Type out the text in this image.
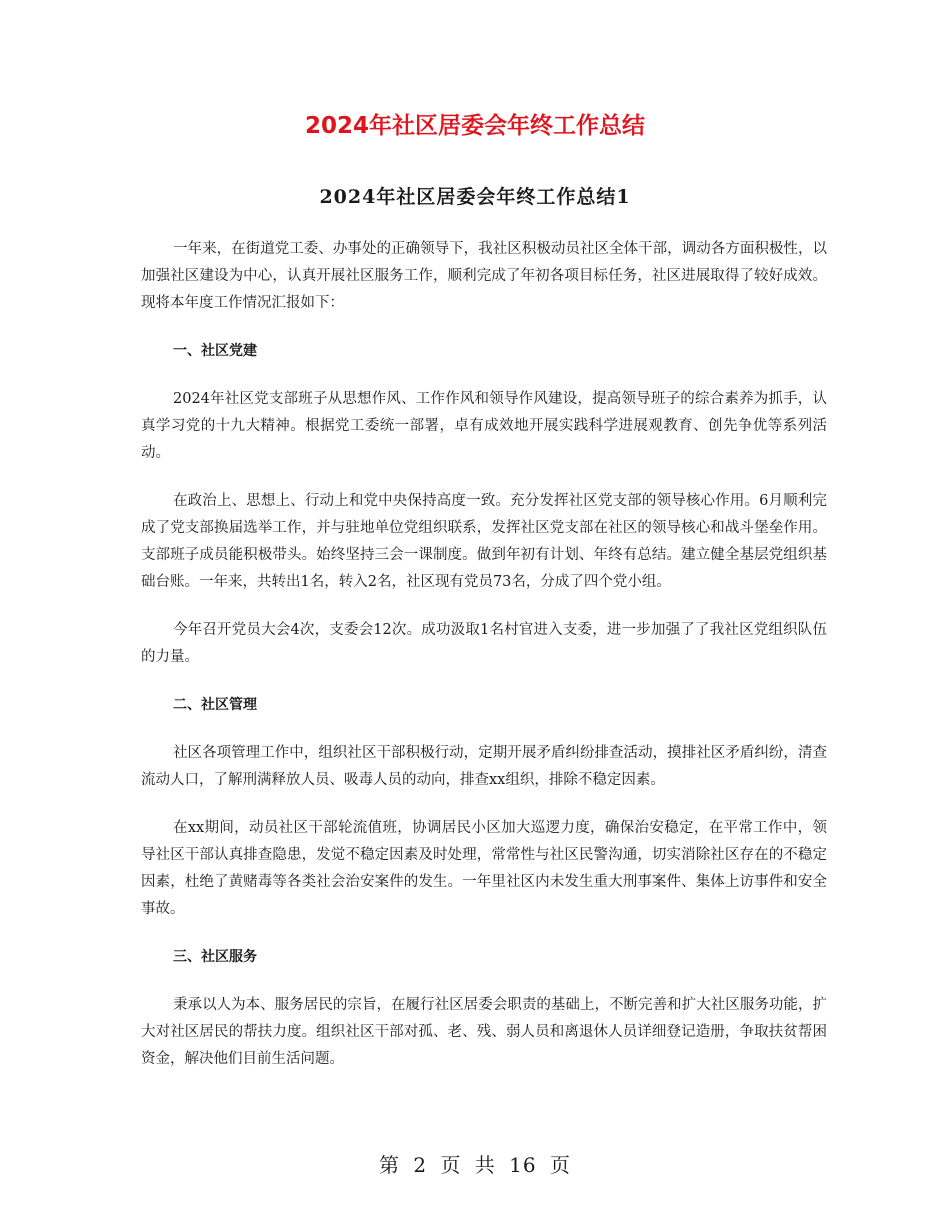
2024年社区居委会年终工作总结
2024年社区居委会年终工作总结1

一年来，在街道党工委、办事处的正确领导下，我社区积极动员社区全体干部，调动各方面积极性，以加强社区建设为中心，认真开展社区服务工作，顺利完成了年初各项目标任务，社区进展取得了较好成效。现将本年度工作情况汇报如下：

一、社区党建

2024年社区党支部班子从思想作风、工作作风和领导作风建设，提高领导班子的综合素养为抓手，认真学习党的十九大精神。根据党工委统一部署，卓有成效地开展实践科学进展观教育、创先争优等系列活动。

在政治上、思想上、行动上和党中央保持高度一致。充分发挥社区党支部的领导核心作用。6月顺利完成了党支部换届选举工作，并与驻地单位党组织联系，发挥社区党支部在社区的领导核心和战斗堡垒作用。支部班子成员能积极带头。始终坚持三会一课制度。做到年初有计划、年终有总结。建立健全基层党组织基础台账。一年来，共转出1名，转入2名，社区现有党员73名，分成了四个党小组。

今年召开党员大会4次，支委会12次。成功汲取1名村官进入支委，进一步加强了了我社区党组织队伍的力量。

二、社区管理

社区各项管理工作中，组织社区干部积极行动，定期开展矛盾纠纷排查活动，摸排社区矛盾纠纷，清查流动人口，了解刑满释放人员、吸毒人员的动向，排查xx组织，排除不稳定因素。

在xx期间，动员社区干部轮流值班，协调居民小区加大巡逻力度，确保治安稳定，在平常工作中，领导社区干部认真排查隐患，发觉不稳定因素及时处理，常常性与社区民警沟通，切实消除社区存在的不稳定因素，杜绝了黄赌毒等各类社会治安案件的发生。一年里社区内未发生重大刑事案件、集体上访事件和安全事故。

三、社区服务

秉承以人为本、服务居民的宗旨，在履行社区居委会职责的基础上，不断完善和扩大社区服务功能，扩大对社区居民的帮扶力度。组织社区干部对孤、老、残、弱人员和离退休人员详细登记造册，争取扶贫帮困资金，解决他们目前生活问题。

第 2 页 共 16 页
